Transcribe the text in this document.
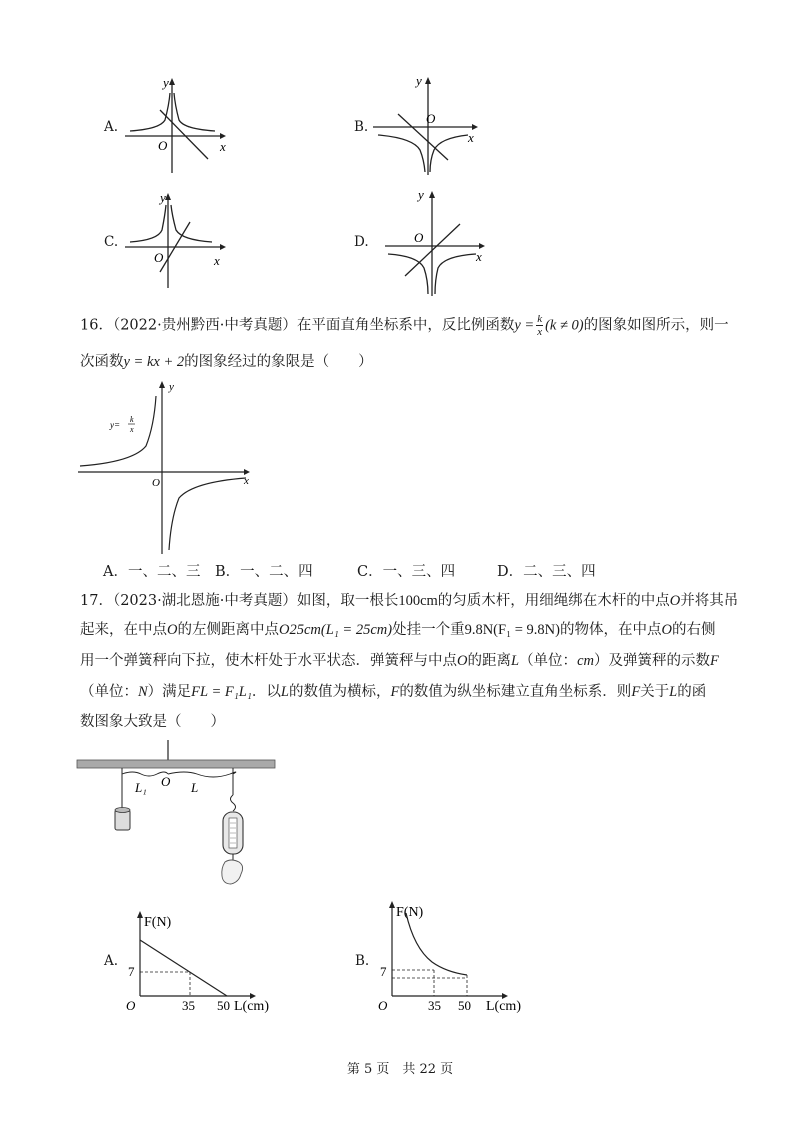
A.
y
x
O
B.
y
x
O
C.
y
x
O
D.
y
x
O
16．（2022·贵州黔西·中考真题）在平面直角坐标系中，反比例函数$y = \frac{k}{x} (k \ne 0)$的图象如图所示，则一
次函数y = kx + 2的图象经过的象限是（　　）
y
x
O
y=
k
x
A．一、二、三 B．一、二、四	C．一、三、四	D．二、三、四
17．（2023·湖北恩施·中考真题）如图，取一根长100cm的匀质木杆，用细绳绑在木杆的中点O并将其吊
起来，在中点O的左侧距离中点O25cm(L₁ = 25cm)处挂一个重9.8N(F₁ = 9.8N)的物体，在中点O的右侧
用一个弹簧秤向下拉，使木杆处于水平状态．弹簧秤与中点O的距离L（单位：cm）及弹簧秤的示数F
（单位：N）满足FL = F₁L₁．以L的数值为横标，F的数值为纵坐标建立直角坐标系．则F关于L的函
数图象大致是（　　）
L₁ O L
A.
F(N)
7
O	35 50 L(cm)
B.
F(N)
7
O	35 50 L(cm)
第 5 页　共 22 页
